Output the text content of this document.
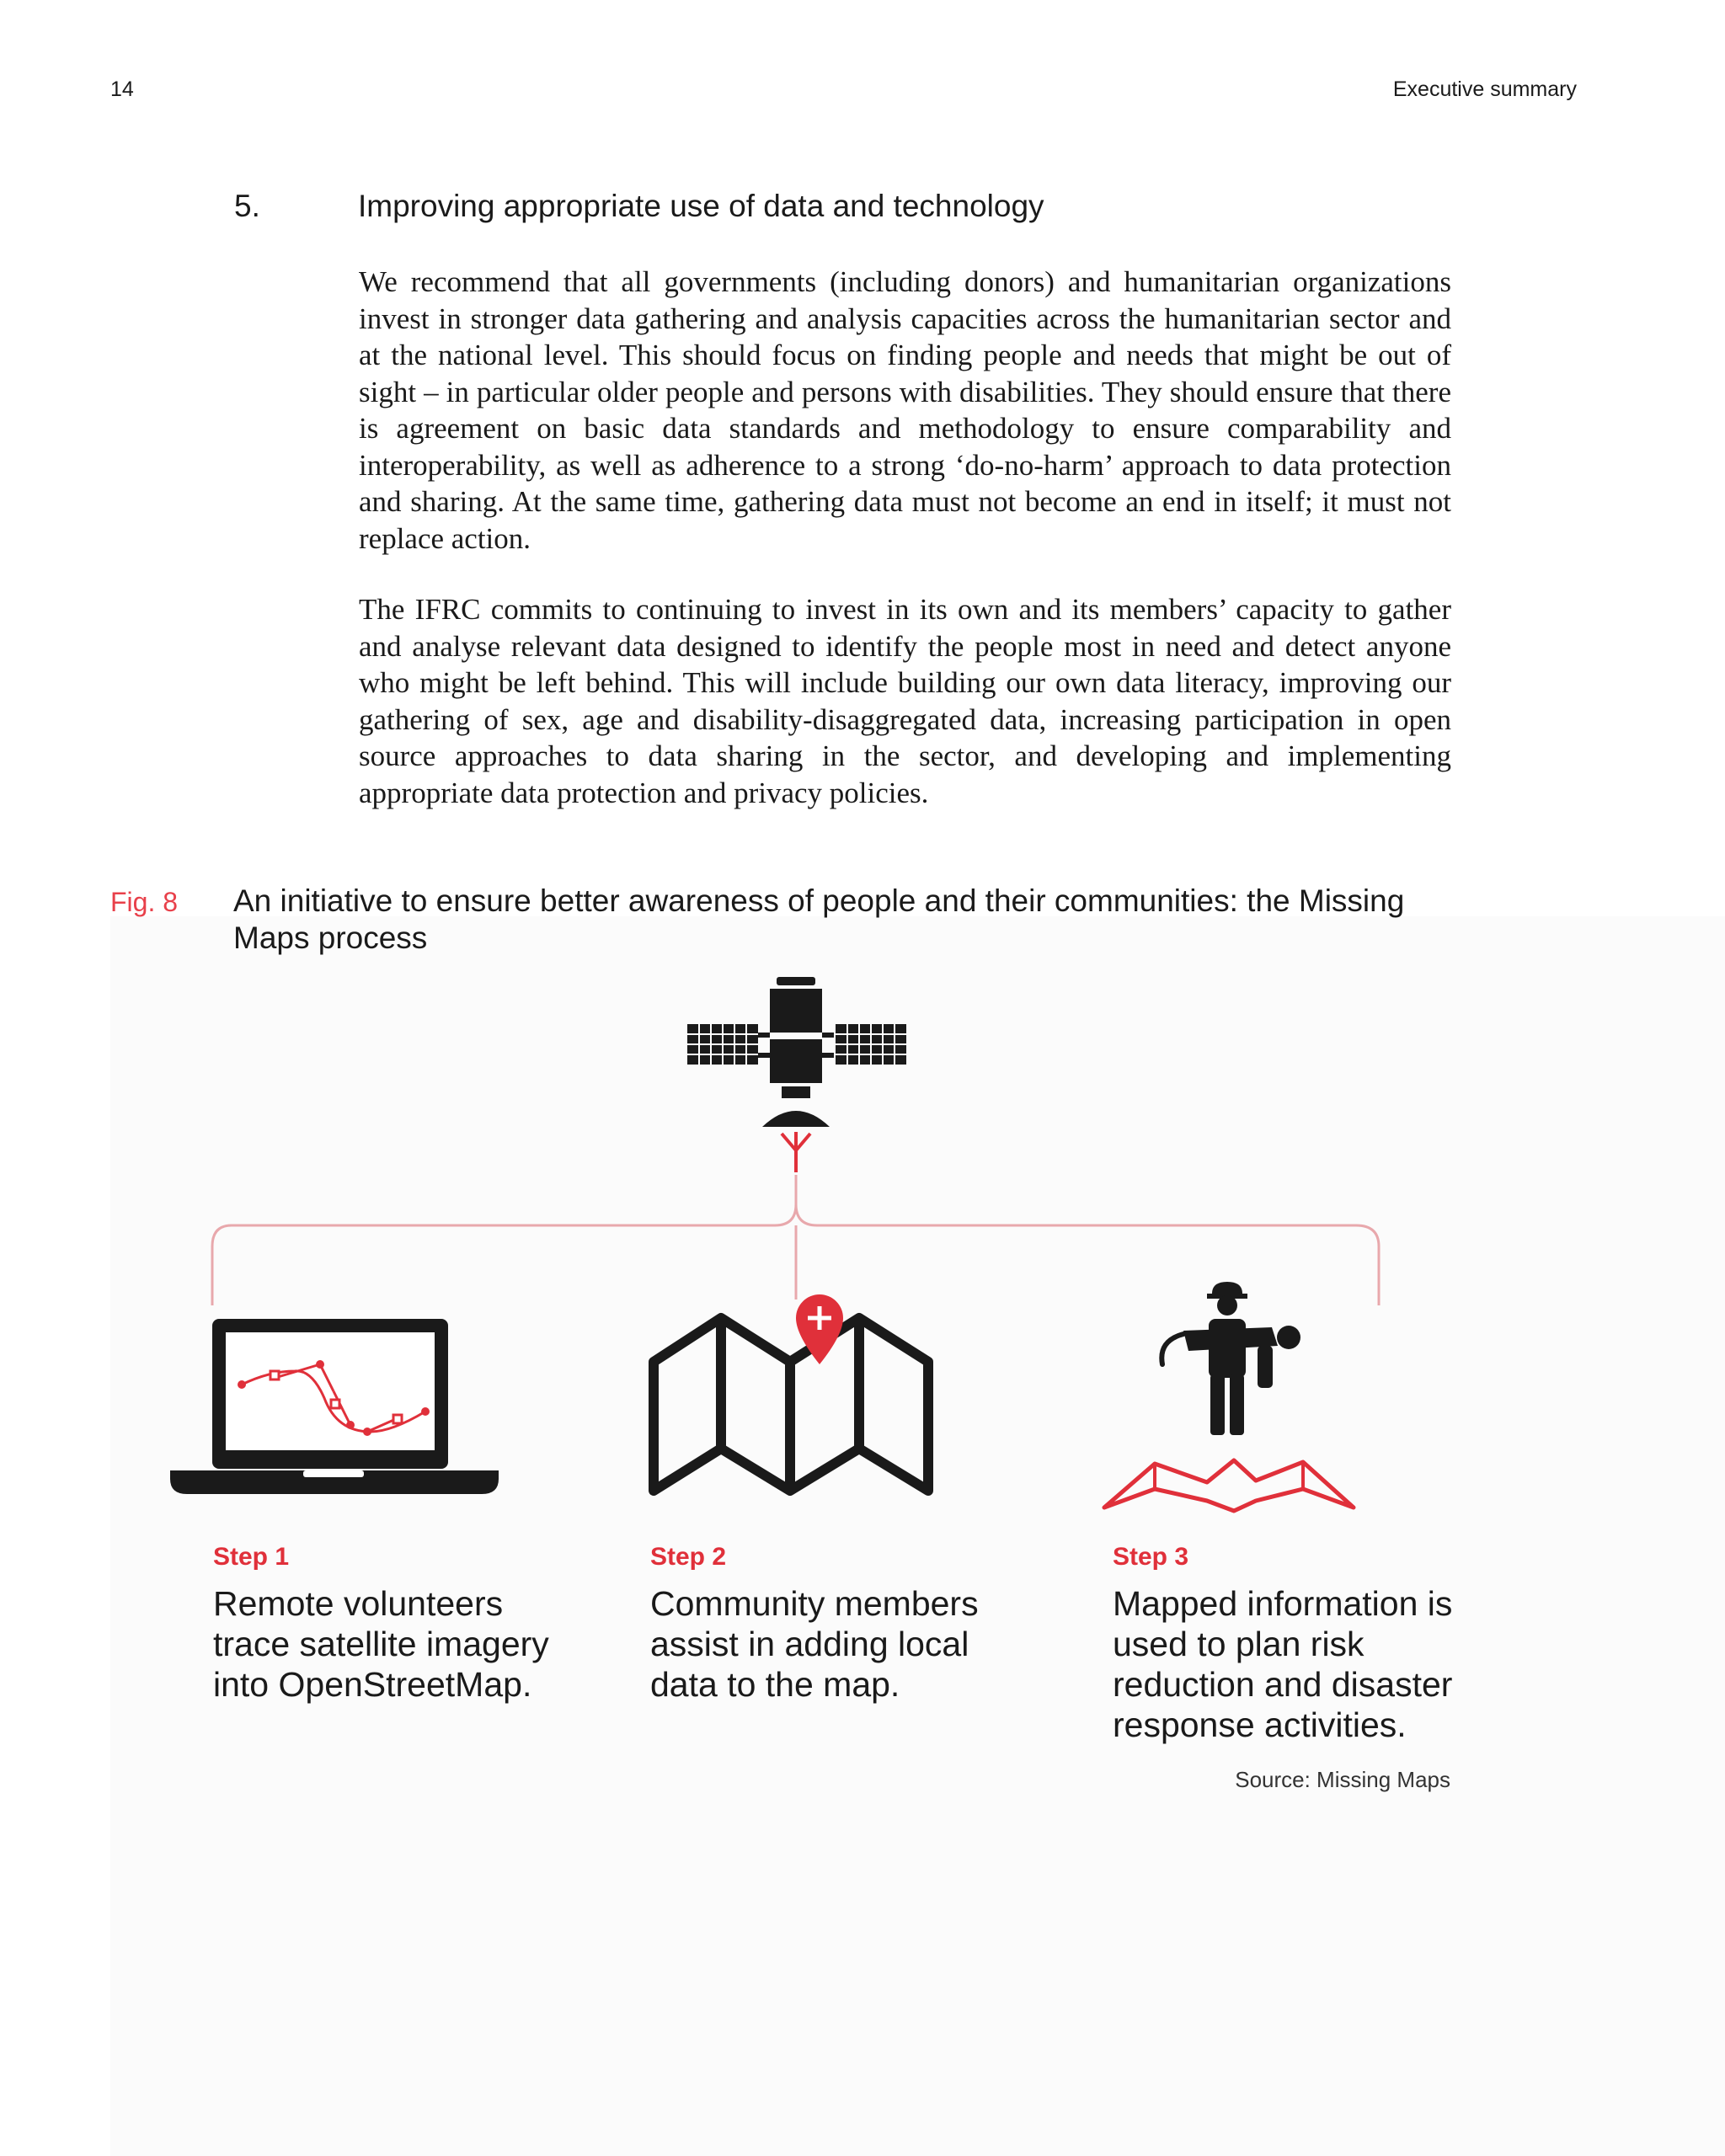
14	Executive summary
5.	Improving appropriate use of data and technology
We recommend that all governments (including donors) and humanitarian organizations invest in stronger data gathering and analysis capacities across the humanitarian sector and at the national level. This should focus on finding people and needs that might be out of sight – in particular older people and persons with disabilities. They should ensure that there is agreement on basic data standards and methodology to ensure comparability and interoperability, as well as adherence to a strong ‘do-no-harm’ approach to data protection and sharing. At the same time, gathering data must not become an end in itself; it must not replace action.
The IFRC commits to continuing to invest in its own and its members’ capacity to gather and analyse relevant data designed to identify the people most in need and detect anyone who might be left behind. This will include building our own data literacy, improving our gathering of sex, age and disability-disaggregated data, increasing participation in open source approaches to data sharing in the sector, and developing and implementing appropriate data protection and privacy policies.
Fig. 8 An initiative to ensure better awareness of people and their communities: the Missing Maps process
Step 1
Remote volunteers trace satellite imagery into OpenStreetMap.
Step 2
Community members assist in adding local data to the map.
Step 3
Mapped information is used to plan risk reduction and disaster response activities.
Source: Missing Maps
